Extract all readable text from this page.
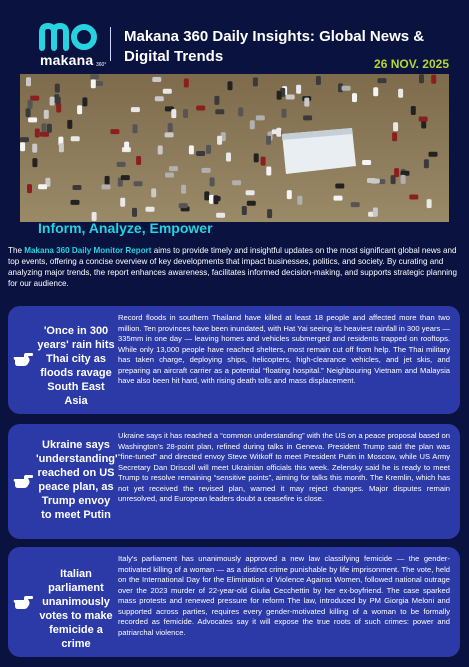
makana 360°
Makana 360 Daily Insights: Global News & Digital Trends	26 NOV. 2025
Inform, Analyze, Empower

The Makana 360 Daily Monitor Report aims to provide timely and insightful updates on the most significant global news and top events, offering a concise overview of key developments that impact businesses, politics, and society. By curating and analyzing major trends, the report enhances awareness, facilitates informed decision-making, and supports strategic planning for our audience.

'Once in 300 years' rain hits Thai city as floods ravage South East Asia
Record floods in southern Thailand have killed at least 18 people and affected more than two million. Ten provinces have been inundated, with Hat Yai seeing its heaviest rainfall in 300 years — 335mm in one day — leaving homes and vehicles submerged and residents trapped on rooftops. While only 13,000 people have reached shelters, most remain cut off from help. The Thai military has taken charge, deploying ships, helicopters, high-clearance vehicles, and jet skis, and preparing an aircraft carrier as a potential “floating hospital.” Neighbouring Vietnam and Malaysia have also been hit hard, with rising death tolls and mass displacement.
Ukraine says 'understanding' reached on US peace plan, as Trump envoy to meet Putin
Ukraine says it has reached a “common understanding” with the US on a peace proposal based on Washington's 28-point plan, refined during talks in Geneva. President Trump said the plan was “fine-tuned” and directed envoy Steve Witkoff to meet President Putin in Moscow, while US Army Secretary Dan Driscoll will meet Ukrainian officials this week. Zelensky said he is ready to meet Trump to resolve remaining “sensitive points”, aiming for talks this month. The Kremlin, which has not yet received the revised plan, warned it may reject changes. Major disputes remain unresolved, and European leaders doubt a ceasefire is close.
Italian parliament unanimously votes to make femicide a crime
Italy's parliament has unanimously approved a new law classifying femicide — the gender-motivated killing of a woman — as a distinct crime punishable by life imprisonment. The vote, held on the International Day for the Elimination of Violence Against Women, followed national outrage over the 2023 murder of 22-year-old Giulia Cecchettin by her ex-boyfriend. The case sparked mass protests and renewed pressure for reform The law, introduced by PM Giorgia Meloni and supported across parties, requires every gender-motivated killing of a woman to be formally recorded as femicide. Advocates say it will expose the true roots of such crimes: power and patriarchal violence.
